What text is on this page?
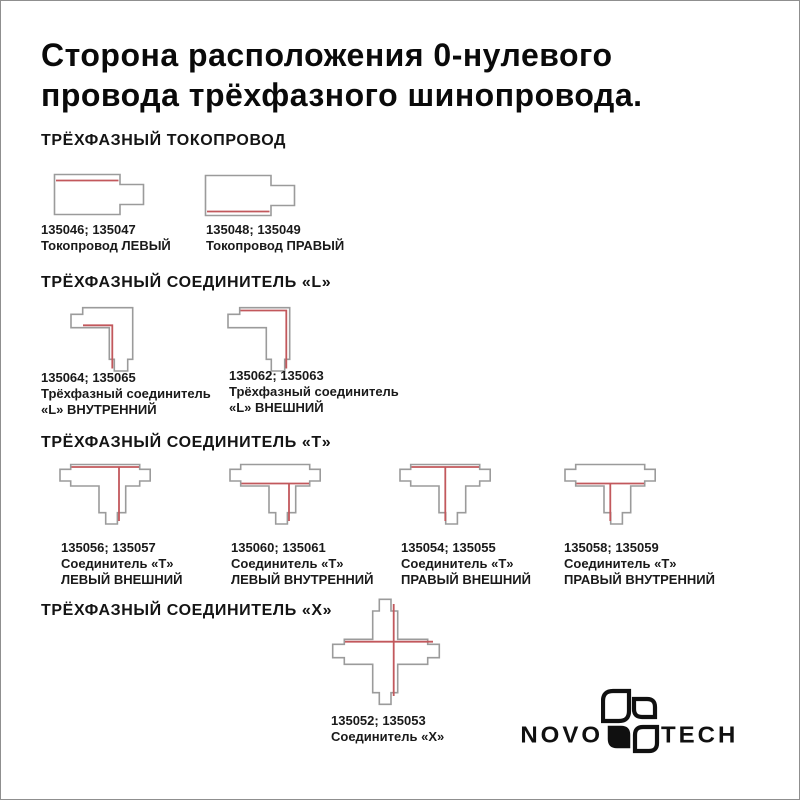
Сторона расположения 0-нулевого
провода трёхфазного шинопровода.
ТРЁХФАЗНЫЙ ТОКОПРОВОД
135046; 135047
Токопровод ЛЕВЫЙ
135048; 135049
Токопровод ПРАВЫЙ
ТРЁХФАЗНЫЙ СОЕДИНИТЕЛЬ «L»
135064; 135065
Трёхфазный соединитель
«L» ВНУТРЕННИЙ
135062; 135063
Трёхфазный соединитель
«L» ВНЕШНИЙ
ТРЁХФАЗНЫЙ СОЕДИНИТЕЛЬ «Т»
135056; 135057
Соединитель «Т»
ЛЕВЫЙ ВНЕШНИЙ
135060; 135061
Соединитель «Т»
ЛЕВЫЙ ВНУТРЕННИЙ
135054; 135055
Соединитель «Т»
ПРАВЫЙ ВНЕШНИЙ
135058; 135059
Соединитель «Т»
ПРАВЫЙ ВНУТРЕННИЙ
ТРЁХФАЗНЫЙ СОЕДИНИТЕЛЬ «Х»
135052; 135053
Соединитель «Х»	NOVO TECH
